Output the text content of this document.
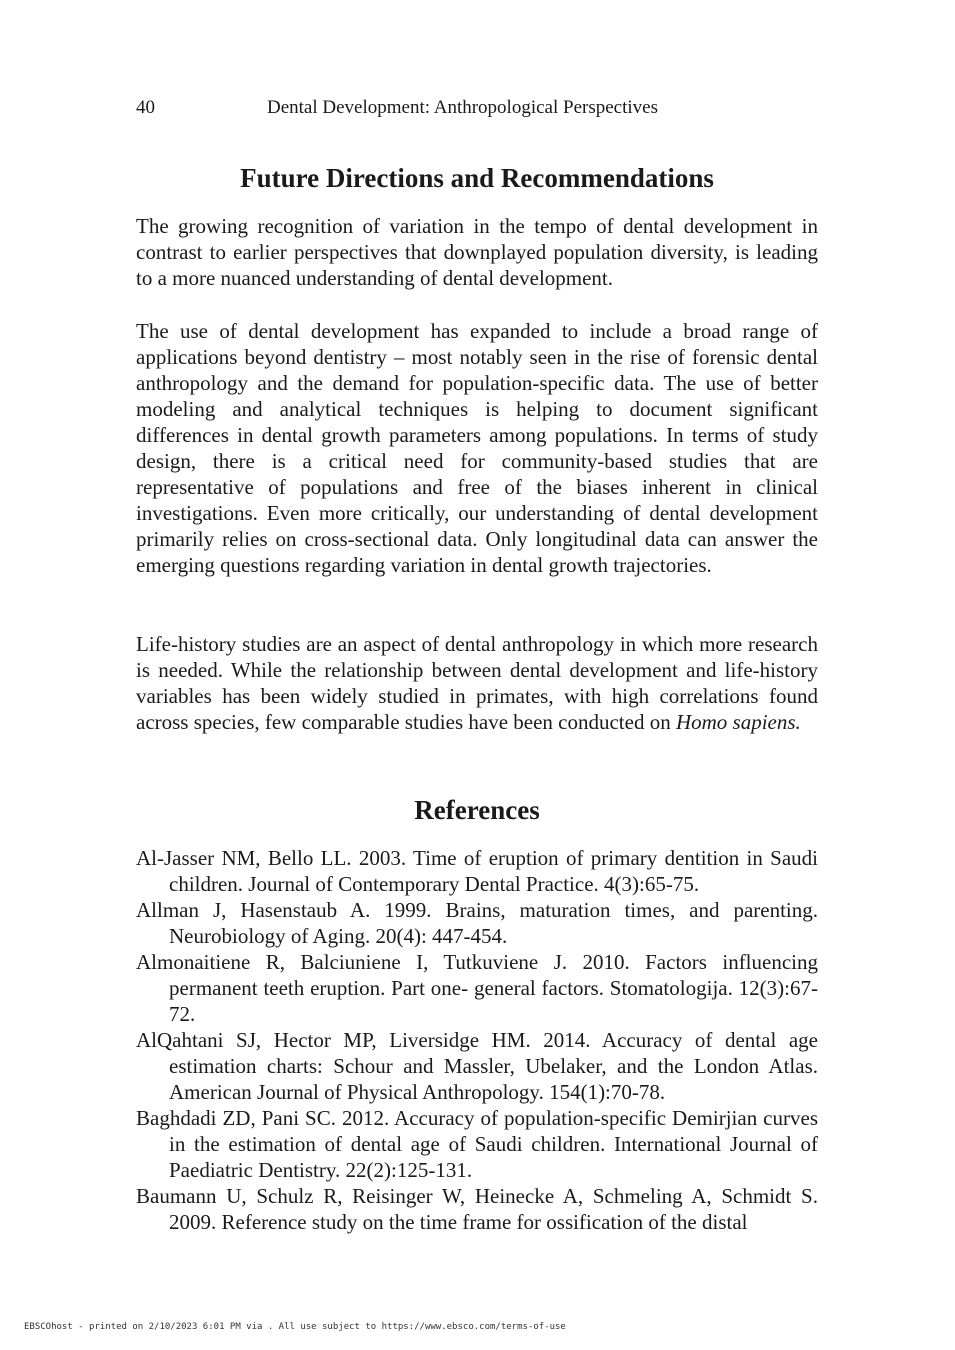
40	Dental Development: Anthropological Perspectives
Future Directions and Recommendations

The growing recognition of variation in the tempo of dental development in contrast to earlier perspectives that downplayed population diversity, is leading to a more nuanced understanding of dental development.

The use of dental development has expanded to include a broad range of applications beyond dentistry – most notably seen in the rise of forensic dental anthropology and the demand for population-specific data. The use of better modeling and analytical techniques is helping to document significant differences in dental growth parameters among populations. In terms of study design, there is a critical need for community-based studies that are representative of populations and free of the biases inherent in clinical investigations. Even more critically, our understanding of dental development primarily relies on cross-sectional data. Only longitudinal data can answer the emerging questions regarding variation in dental growth trajectories.

Life-history studies are an aspect of dental anthropology in which more research is needed. While the relationship between dental development and life-history variables has been widely studied in primates, with high correlations found across species, few comparable studies have been conducted on Homo sapiens.

References
Al-Jasser NM, Bello LL. 2003. Time of eruption of primary dentition in Saudi children. Journal of Contemporary Dental Practice. 4(3):65-75.
Allman J, Hasenstaub A. 1999. Brains, maturation times, and parenting. Neurobiology of Aging. 20(4): 447-454.
Almonaitiene R, Balciuniene I, Tutkuviene J. 2010. Factors influencing permanent teeth eruption. Part one- general factors. Stomatologija. 12(3):67-72.
AlQahtani SJ, Hector MP, Liversidge HM. 2014. Accuracy of dental age estimation charts: Schour and Massler, Ubelaker, and the London Atlas. American Journal of Physical Anthropology. 154(1):70-78.
Baghdadi ZD, Pani SC. 2012. Accuracy of population-specific Demirjian curves in the estimation of dental age of Saudi children. International Journal of Paediatric Dentistry. 22(2):125-131.
Baumann U, Schulz R, Reisinger W, Heinecke A, Schmeling A, Schmidt S. 2009. Reference study on the time frame for ossification of the distal
EBSCOhost - printed on 2/10/2023 6:01 PM via . All use subject to https://www.ebsco.com/terms-of-use
